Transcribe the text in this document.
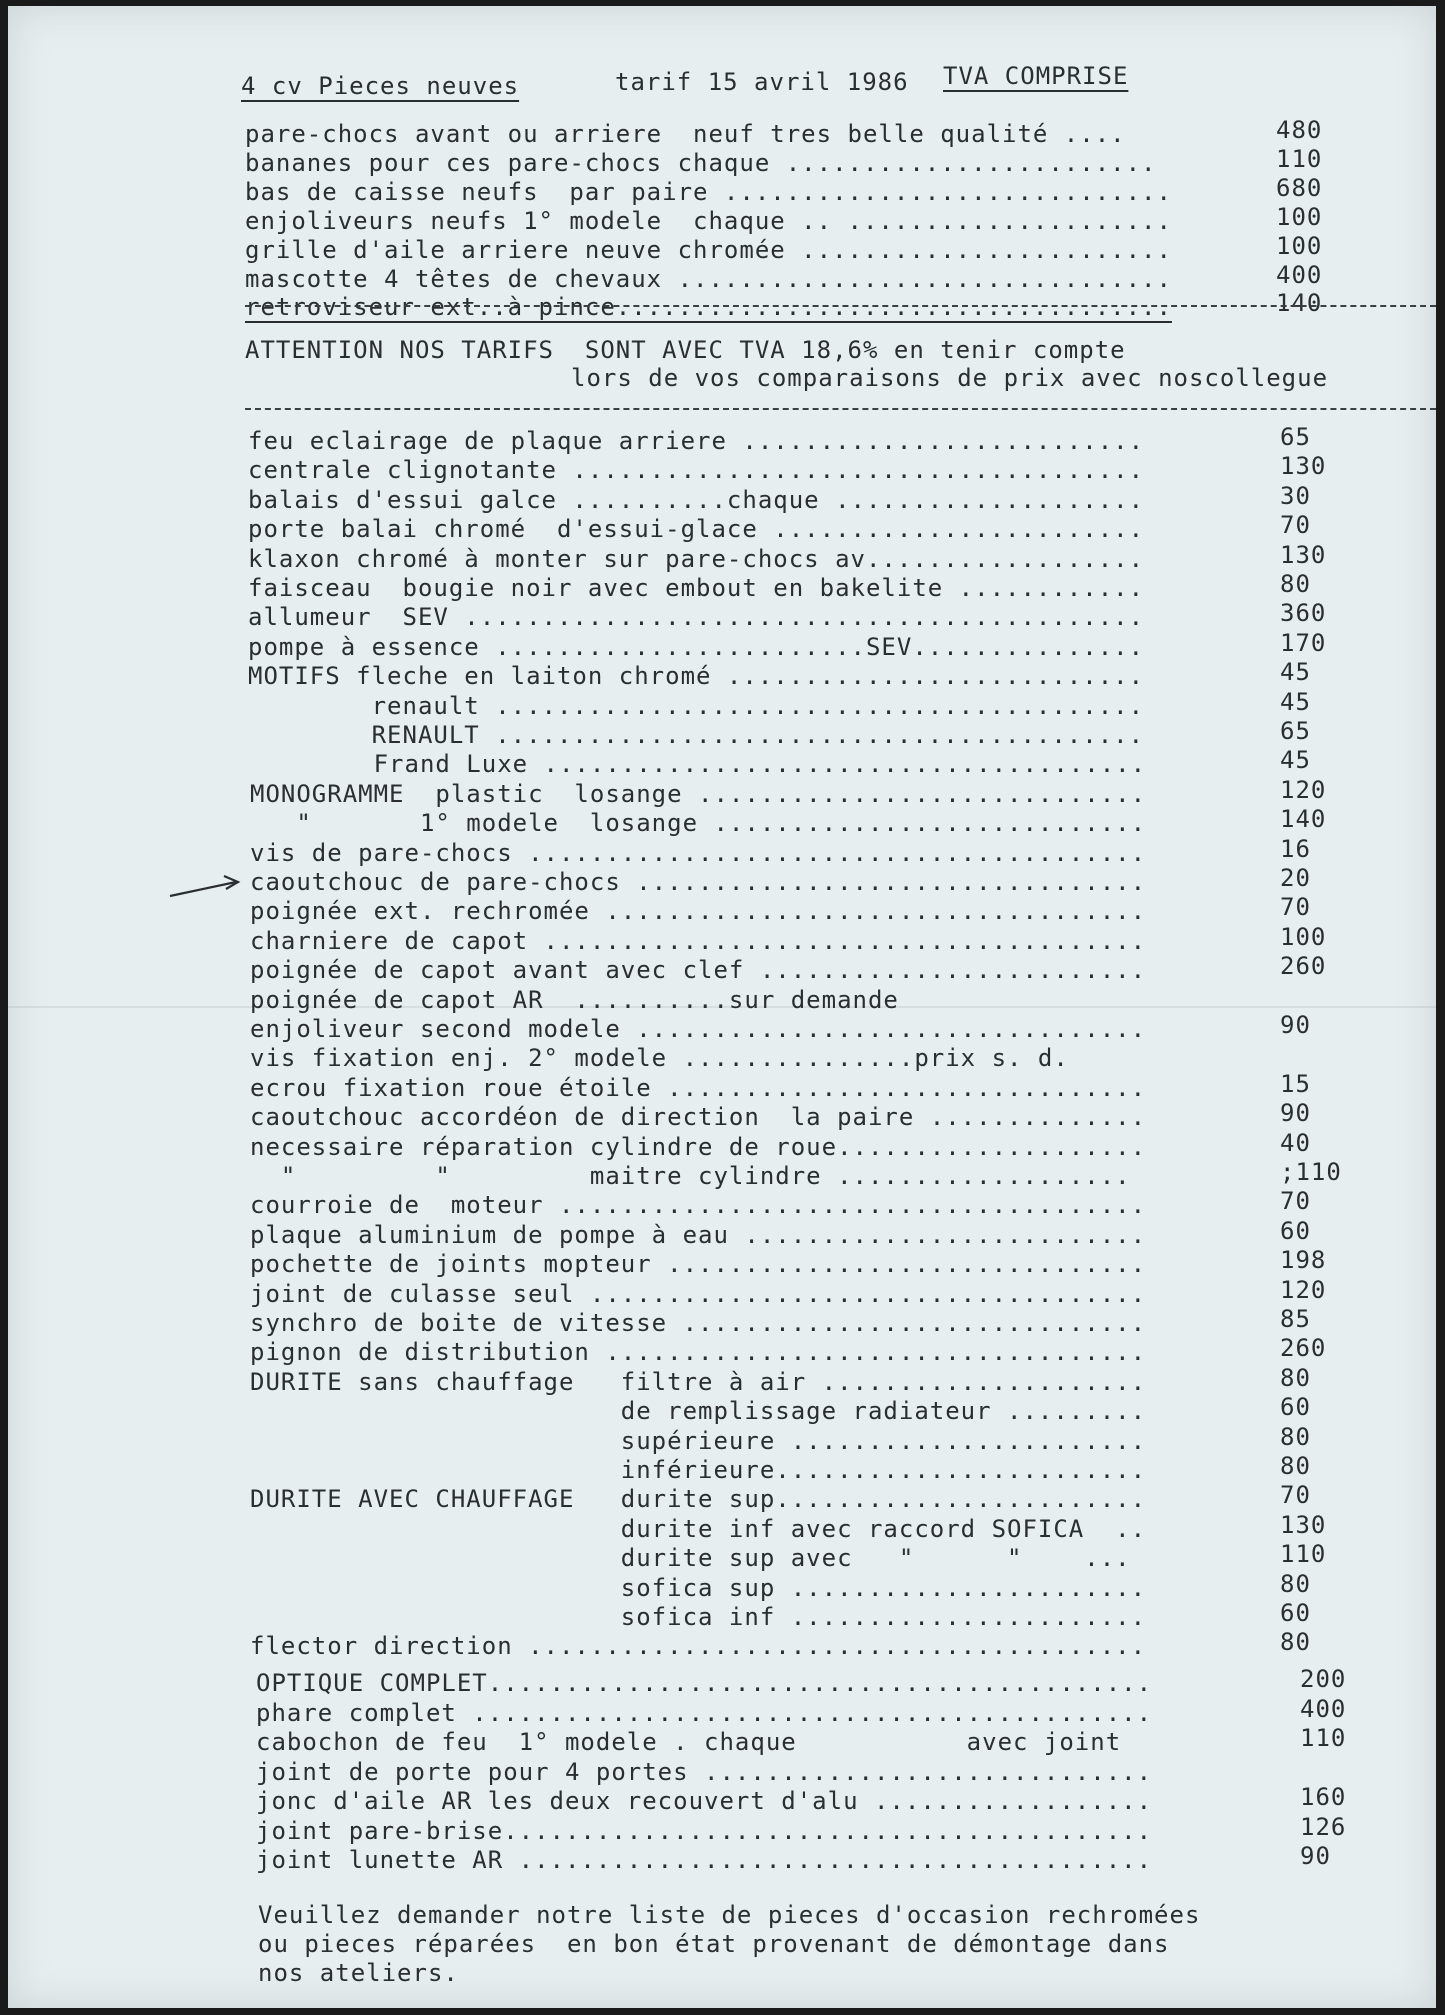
4 cv Pieces neuves	tarif 15 avril 1986 TVA COMPRISE
pare-chocs avant ou arriere  neuf tres belle qualité ....	480
bananes pour ces pare-chocs chaque ........................	110
bas de caisse neufs  par paire .............................	680
enjoliveurs neufs 1° modele  chaque .. .....................	100
grille d'aile arriere neuve chromée ........................	100
mascotte 4 têtes de chevaux ................................	400
retroviseur ext..à pince....................................	140
ATTENTION NOS TARIFS  SONT AVEC TVA 18,6% en tenir compte
lors de vos comparaisons de prix avec noscollegue
feu eclairage de plaque arriere ..........................	65
centrale clignotante .....................................	130
balais d'essui galce ..........chaque ....................	30
porte balai chromé  d'essui-glace ........................	70
klaxon chromé à monter sur pare-chocs av..................	130
faisceau  bougie noir avec embout en bakelite ............	80
allumeur  SEV ............................................	360
pompe à essence ........................SEV...............	170
MOTIFS fleche en laiton chromé ...........................	45
renault ..........................................	45
RENAULT ..........................................	65
Frand Luxe .......................................	45
MONOGRAMME  plastic  losange .............................	120
"       1° modele  losange ............................	140
vis de pare-chocs ........................................	16
caoutchouc de pare-chocs .................................	20
poignée ext. rechromée ...................................	70
charniere de capot .......................................	100
poignée de capot avant avec clef .........................	260
poignée de capot AR  ..........sur demande
enjoliveur second modele .................................	90
vis fixation enj. 2° modele ...............prix s. d.
ecrou fixation roue étoile ...............................	15
caoutchouc accordéon de direction  la paire ..............	90
necessaire réparation cylindre de roue....................	40
"         "         maitre cylindre ...................	;110
courroie de  moteur ......................................	70
plaque aluminium de pompe à eau ..........................	60
pochette de joints mopteur ...............................	198
joint de culasse seul ....................................	120
synchro de boite de vitesse ..............................	85
pignon de distribution ...................................	260
DURITE sans chauffage   filtre à air .....................	80
de remplissage radiateur .........	60
supérieure .......................	80
inférieure........................	80
DURITE AVEC CHAUFFAGE   durite sup........................	70
durite inf avec raccord SOFICA  ..	130
durite sup avec   "      "    ...	110
sofica sup .......................	80
sofica inf .......................	60
flector direction ........................................	80
OPTIQUE COMPLET...........................................	200
phare complet ............................................	400
cabochon de feu  1° modele . chaque           avec joint	110
joint de porte pour 4 portes .............................
jonc d'aile AR les deux recouvert d'alu ..................	160
joint pare-brise..........................................	126
joint lunette AR .........................................	90
Veuillez demander notre liste de pieces d'occasion rechromées
ou pieces réparées  en bon état provenant de démontage dans
nos ateliers.
